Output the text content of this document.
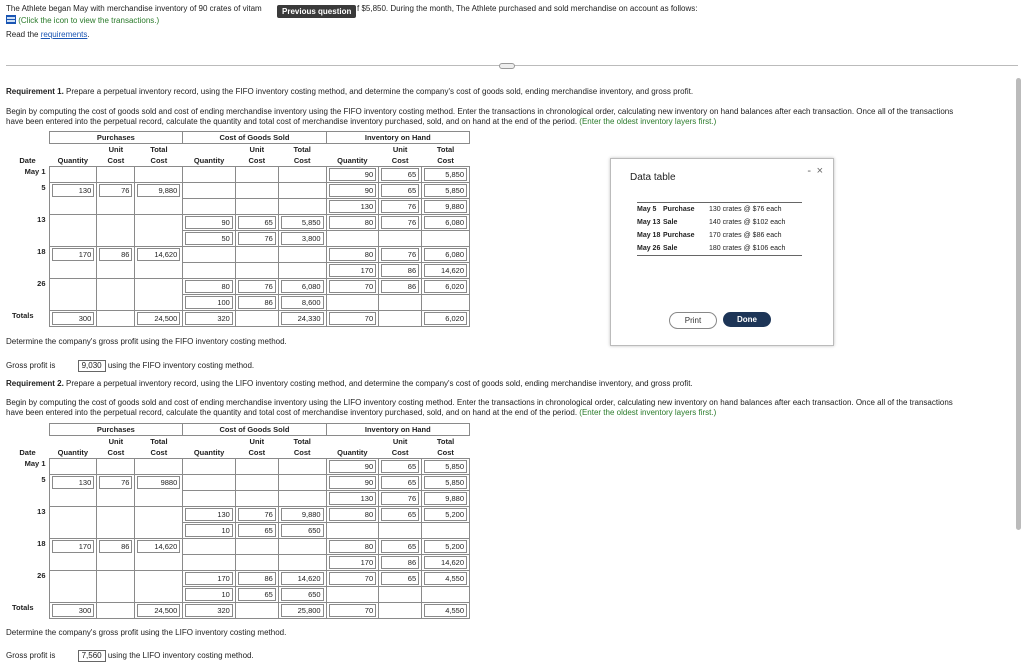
The Athlete began May with merchandise inventory of 90 crates of vitam	Previous question f $5,850. During the month, The Athlete purchased and sold merchandise on account as follows:
(Click the icon to view the transactions.)
Read the requirements.
Requirement 1. Prepare a perpetual inventory record, using the FIFO inventory costing method, and determine the company's cost of goods sold, ending merchandise inventory, and gross profit.
Begin by computing the cost of goods sold and cost of ending merchandise inventory using the FIFO inventory costing method. Enter the transactions in chronological order, calculating new inventory on hand balances after each transaction. Once all of the transactions
have been entered into the perpetual record, calculate the quantity and total cost of merchandise inventory purchased, sold, and on hand at the end of the period. (Enter the oldest inventory layers first.)
	Purchases			Cost of Goods Sold			Inventory on Hand		
		Unit	Total		Unit	Total		Unit	Total
Date	Quantity	Cost	Cost	Quantity	Cost	Cost	Quantity	Cost	Cost
May 1							90	65	5,850

5	130	76	9,880				90	65	5,850

							130	76	9,880

13				90	65	5,850	80	76	6,080

				50	76	3,800			

18	170	86	14,620				80	76	6,080

							170	86	14,620

26				80	76	6,080	70	86	6,020

				100	86	8,600			

Totals	300		24,500	320		24,330	70		6,020
Determine the company's gross profit using the FIFO inventory costing method.
Gross profit is	9,030 using the FIFO inventory costing method.
Requirement 2. Prepare a perpetual inventory record, using the LIFO inventory costing method, and determine the company's cost of goods sold, ending merchandise inventory, and gross profit.
Begin by computing the cost of goods sold and cost of ending merchandise inventory using the LIFO inventory costing method. Enter the transactions in chronological order, calculating new inventory on hand balances after each transaction. Once all of the transactions
have been entered into the perpetual record, calculate the quantity and total cost of merchandise inventory purchased, sold, and on hand at the end of the period. (Enter the oldest inventory layers first.)
	Purchases			Cost of Goods Sold			Inventory on Hand		
		Unit	Total		Unit	Total		Unit	Total
Date	Quantity	Cost	Cost	Quantity	Cost	Cost	Quantity	Cost	Cost
May 1							90	65	5,850

5	130	76	9880				90	65	5,850

							130	76	9,880

13				130	76	9,880	80	65	5,200

				10	65	650			

18	170	86	14,620				80	65	5,200

							170	86	14,620

26				170	86	14,620	70	65	4,550

				10	65	650			

Totals	300		24,500	320		25,800	70		4,550
Determine the company's gross profit using the LIFO inventory costing method.
Gross profit is	7,560 using the LIFO inventory costing method.
Data table
- ×
May 5 Purchase	130 crates @ $76 each
May 13 Sale	140 crates @ $102 each
May 18 Purchase	170 crates @ $86 each
May 26 Sale	180 crates @ $106 each
Print	Done
